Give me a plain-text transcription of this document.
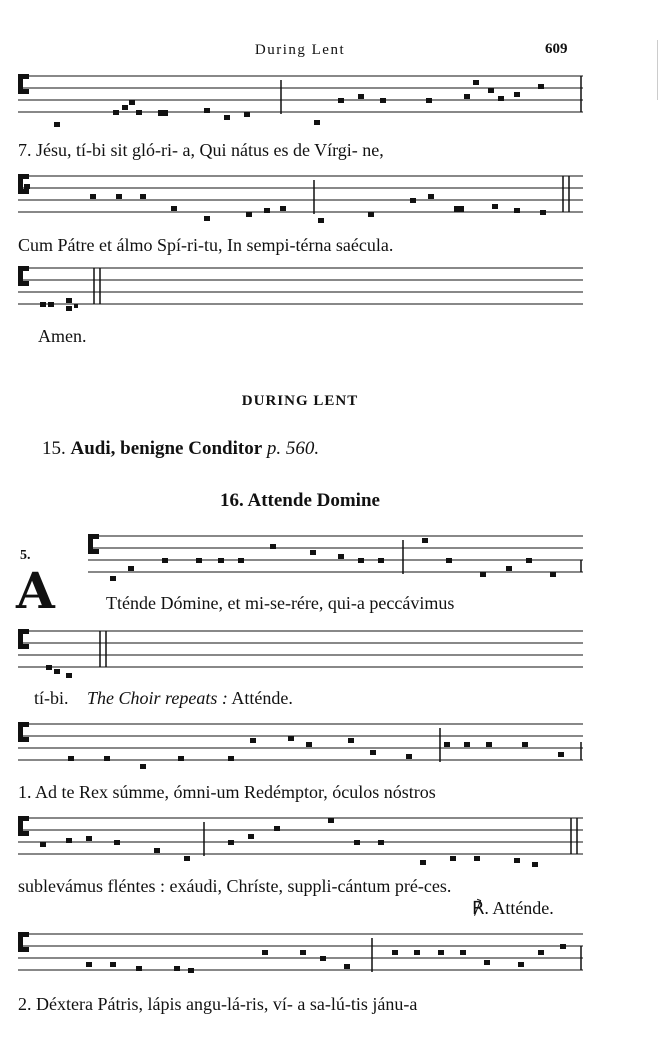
During Lent	609
7. Jésu, tí-bi sit gló-ri- a, Qui nátus es de Vírgi- ne,
Cum Pátre et álmo Spí-ri-tu, In sempi-térna saécula.
Amen.
DURING LENT
15. Audi, benigne Conditor p. 560.
16. Attende Domine
5.
A	Tténde Dómine, et mi-se-rére, qui-a peccávimus
tí-bi. The Choir repeats : Atténde.
1. Ad te Rex súmme, ómni-um Redémptor, óculos nóstros
sublevámus fléntes : exáudi, Chríste, suppli-cántum pré-ces.
℟. Atténde.
2. Déxtera Pátris, lápis angu-lá-ris, ví- a sa-lú-tis jánu-a
